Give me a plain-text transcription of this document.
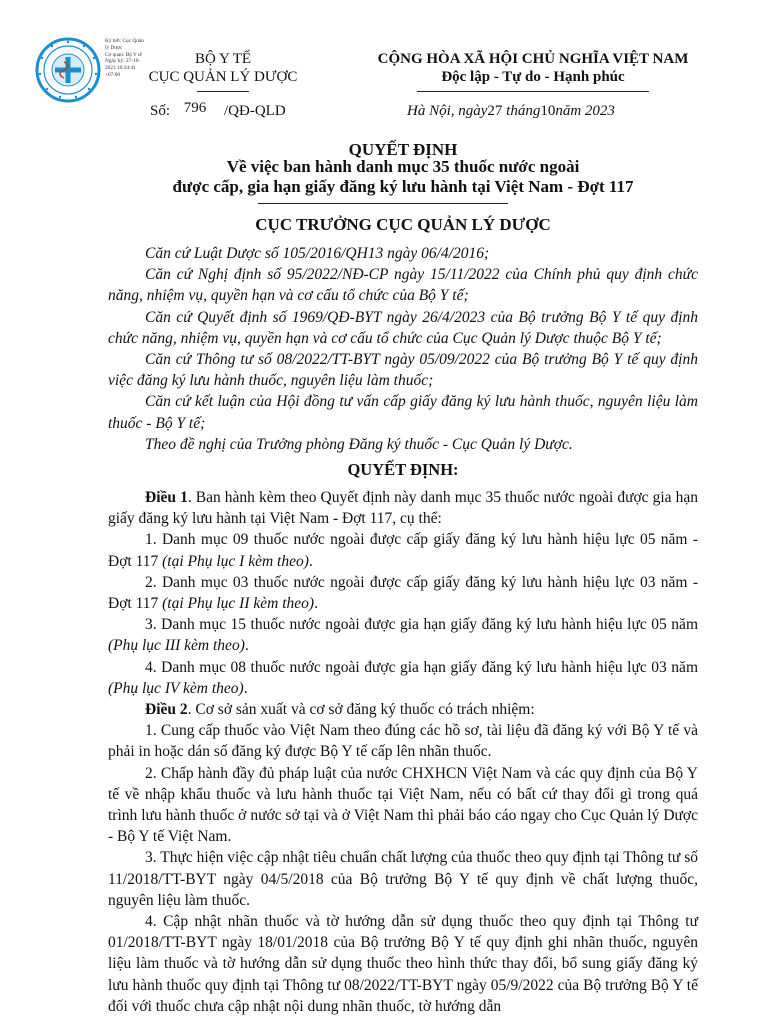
Ký bởi: Cục Quản
lý Dược
Cơ quan: Bộ Y tế
Ngày ký: 27-10-
2023 16:34:41
+07:00
BỘ Y TẾ
CỤC QUẢN LÝ DƯỢC
CỘNG HÒA XÃ HỘI CHỦ NGHĨA VIỆT NAM
Độc lập - Tự do - Hạnh phúc
Số: 796 /QĐ-QLD	Hà Nội, ngày27 tháng10năm 2023
QUYẾT ĐỊNH
Về việc ban hành danh mục 35 thuốc nước ngoài
được cấp, gia hạn giấy đăng ký lưu hành tại Việt Nam - Đợt 117
CỤC TRƯỞNG CỤC QUẢN LÝ DƯỢC

Căn cứ Luật Dược số 105/2016/QH13 ngày 06/4/2016;

Căn cứ Nghị định số 95/2022/NĐ-CP ngày 15/11/2022 của Chính phủ quy định chức năng, nhiệm vụ, quyền hạn và cơ cấu tổ chức của Bộ Y tế;

Căn cứ Quyết định số 1969/QĐ-BYT ngày 26/4/2023 của Bộ trưởng Bộ Y tế quy định chức năng, nhiệm vụ, quyền hạn và cơ cấu tổ chức của Cục Quản lý Dược thuộc Bộ Y tế;

Căn cứ Thông tư số 08/2022/TT-BYT ngày 05/09/2022 của Bộ trưởng Bộ Y tế quy định việc đăng ký lưu hành thuốc, nguyên liệu làm thuốc;

Căn cứ kết luận của Hội đồng tư vấn cấp giấy đăng ký lưu hành thuốc, nguyên liệu làm thuốc - Bộ Y tế;

Theo đề nghị của Trưởng phòng Đăng ký thuốc - Cục Quản lý Dược.

QUYẾT ĐỊNH:

Điều 1. Ban hành kèm theo Quyết định này danh mục 35 thuốc nước ngoài được gia hạn giấy đăng ký lưu hành tại Việt Nam - Đợt 117, cụ thể:

1. Danh mục 09 thuốc nước ngoài được cấp giấy đăng ký lưu hành hiệu lực 05 năm - Đợt 117 (tại Phụ lục I kèm theo).

2. Danh mục 03 thuốc nước ngoài được cấp giấy đăng ký lưu hành hiệu lực 03 năm - Đợt 117 (tại Phụ lục II kèm theo).

3. Danh mục 15 thuốc nước ngoài được gia hạn giấy đăng ký lưu hành hiệu lực 05 năm (Phụ lục III kèm theo).

4. Danh mục 08 thuốc nước ngoài được gia hạn giấy đăng ký lưu hành hiệu lực 03 năm (Phụ lục IV kèm theo).

Điều 2. Cơ sở sản xuất và cơ sở đăng ký thuốc có trách nhiệm:

1. Cung cấp thuốc vào Việt Nam theo đúng các hồ sơ, tài liệu đã đăng ký với Bộ Y tế và phải in hoặc dán số đăng ký được Bộ Y tế cấp lên nhãn thuốc.

2. Chấp hành đầy đủ pháp luật của nước CHXHCN Việt Nam và các quy định của Bộ Y tế về nhập khẩu thuốc và lưu hành thuốc tại Việt Nam, nếu có bất cứ thay đổi gì trong quá trình lưu hành thuốc ở nước sở tại và ở Việt Nam thì phải báo cáo ngay cho Cục Quản lý Dược - Bộ Y tế Việt Nam.

3. Thực hiện việc cập nhật tiêu chuẩn chất lượng của thuốc theo quy định tại Thông tư số 11/2018/TT-BYT ngày 04/5/2018 của Bộ trưởng Bộ Y tế quy định về chất lượng thuốc, nguyên liệu làm thuốc.

4. Cập nhật nhãn thuốc và tờ hướng dẫn sử dụng thuốc theo quy định tại Thông tư 01/2018/TT-BYT ngày 18/01/2018 của Bộ trưởng Bộ Y tế quy định ghi nhãn thuốc, nguyên liệu làm thuốc và tờ hướng dẫn sử dụng thuốc theo hình thức thay đổi, bổ sung giấy đăng ký lưu hành thuốc quy định tại Thông tư 08/2022/TT-BYT ngày 05/9/2022 của Bộ trưởng Bộ Y tế đối với thuốc chưa cập nhật nội dung nhãn thuốc, tờ hướng dẫn
